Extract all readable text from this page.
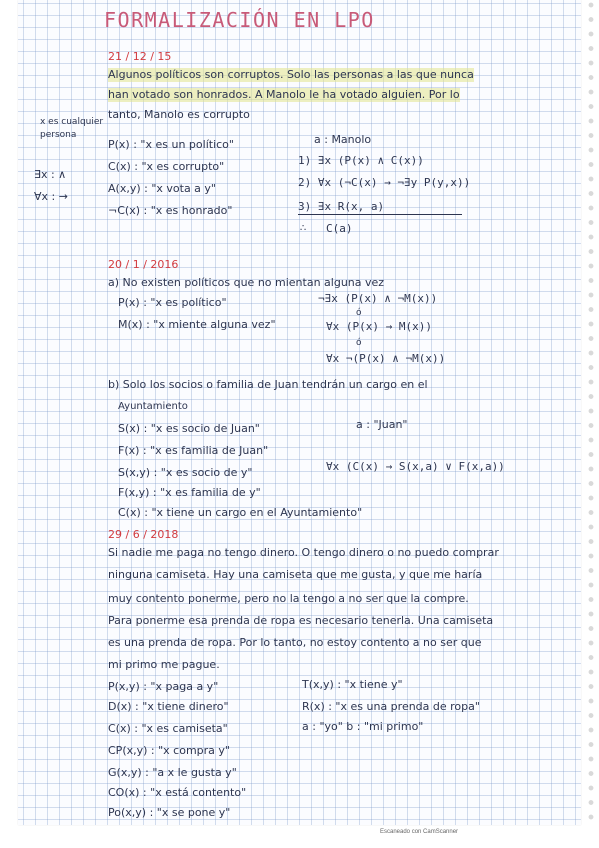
FORMALIZACIÓN EN LPO
21 / 12 / 15
Algunos políticos son corruptos. Solo las personas a las que nunca
han votado son honrados. A Manolo le ha votado alguien. Por lo
tanto, Manolo es corrupto
x es cualquier
persona
∃x : ∧
∀x : →
P(x) : "x es un político"
C(x) : "x es corrupto"
A(x,y) : "x vota a y"
¬C(x) : "x es honrado"
a : Manolo
1) ∃x (P(x) ∧ C(x))
2) ∀x (¬C(x) → ¬∃y P(y,x))
3) ∃x R(x, a)
∴ C(a)
20 / 1 / 2016
a) No existen políticos que no mientan alguna vez
P(x) : "x es político"
M(x) : "x miente alguna vez"
¬∃x (P(x) ∧ ¬M(x))
ó
∀x (P(x) → M(x))
ó
∀x ¬(P(x) ∧ ¬M(x))
b) Solo los socios o familia de Juan tendrán un cargo en el
Ayuntamiento
S(x) : "x es socio de Juan"
F(x) : "x es familia de Juan"
S(x,y) : "x es socio de y"
F(x,y) : "x es familia de y"
C(x) : "x tiene un cargo en el Ayuntamiento"
a : "Juan"
∀x (C(x) → S(x,a) ∨ F(x,a))
29 / 6 / 2018
Si nadie me paga no tengo dinero. O tengo dinero o no puedo comprar
ninguna camiseta. Hay una camiseta que me gusta, y que me haría
muy contento ponerme, pero no la tengo a no ser que la compre.
Para ponerme esa prenda de ropa es necesario tenerla. Una camiseta
es una prenda de ropa. Por lo tanto, no estoy contento a no ser que
mi primo me pague.
P(x,y) : "x paga a y"
D(x) : "x tiene dinero"
C(x) : "x es camiseta"
CP(x,y) : "x compra y"
G(x,y) : "a x le gusta y"
CO(x) : "x está contento"
Po(x,y) : "x se pone y"
T(x,y) : "x tiene y"
R(x) : "x es una prenda de ropa"
a : "yo" b : "mi primo"
Escaneado con CamScanner
